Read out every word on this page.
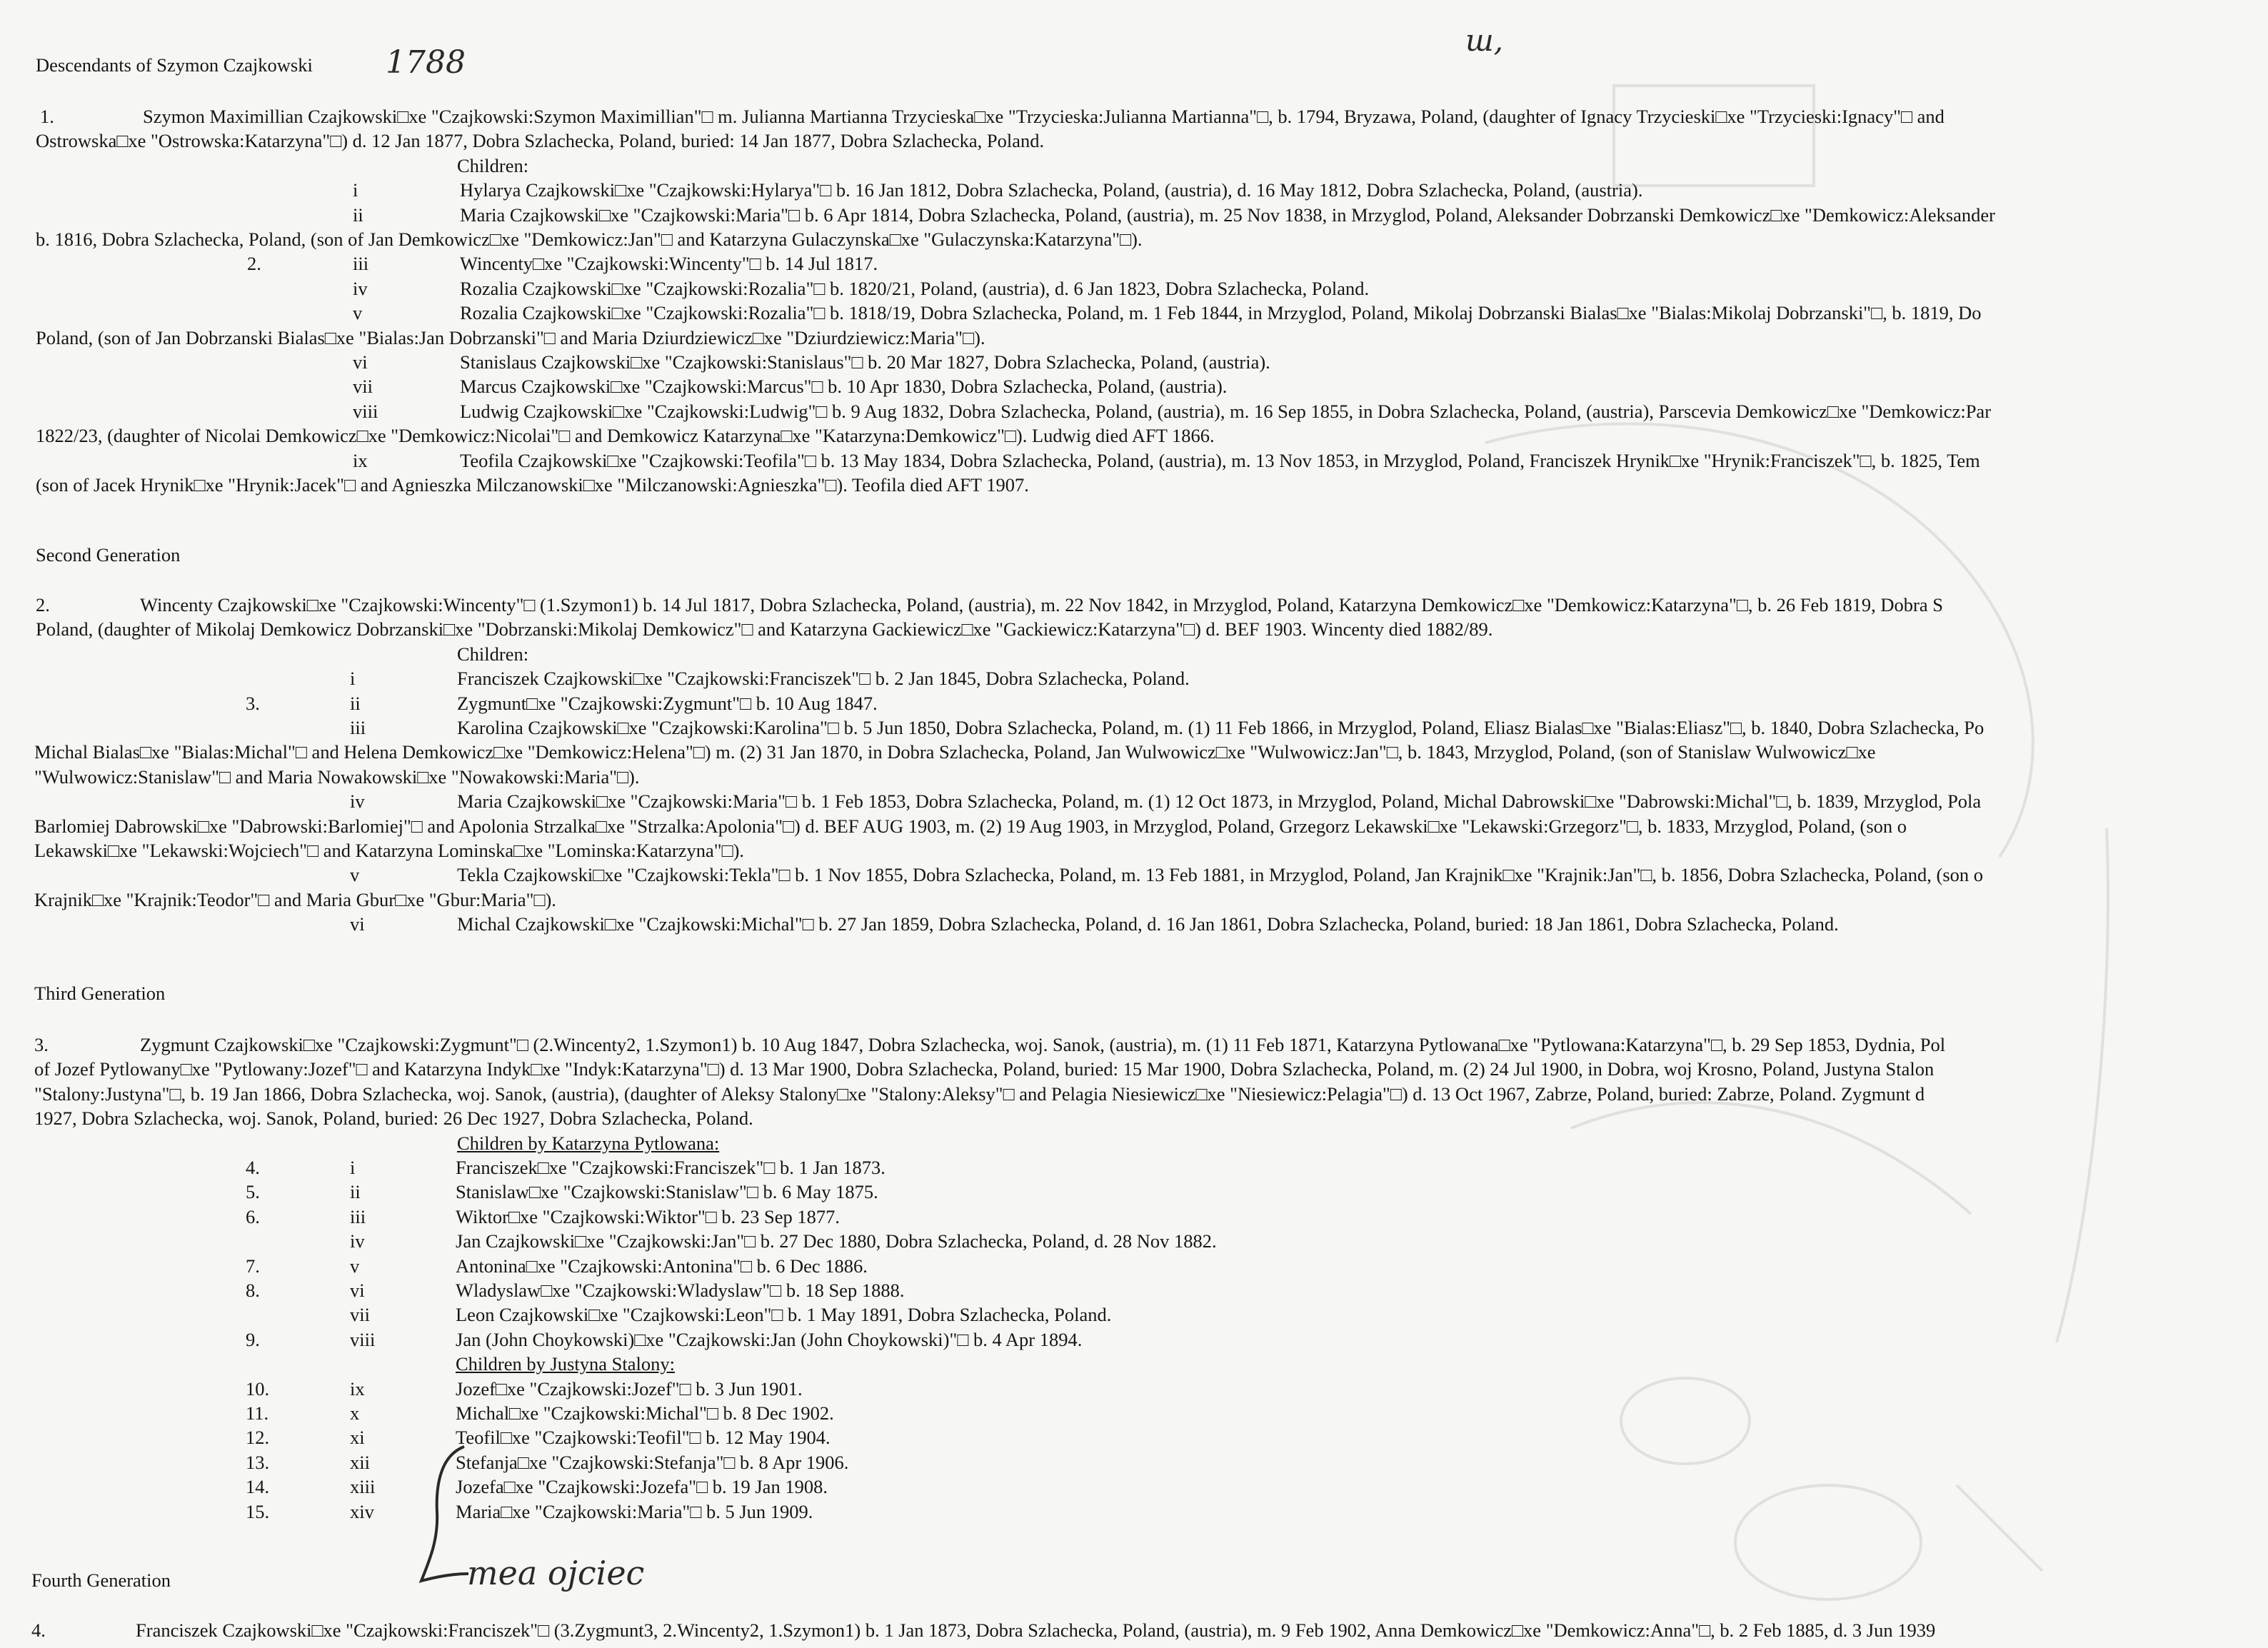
Descendants of Szymon Czajkowski 1788
ш,
1.	Szymon Maximillian Czajkowski□xe "Czajkowski:Szymon Maximillian"□ m. Julianna Martianna Trzycieska□xe "Trzycieska:Julianna Martianna"□, b. 1794, Bryzawa, Poland, (daughter of Ignacy Trzycieski□xe "Trzycieski:Ignacy"□ and
Ostrowska□xe "Ostrowska:Katarzyna"□) d. 12 Jan 1877, Dobra Szlachecka, Poland, buried: 14 Jan 1877, Dobra Szlachecka, Poland.
Children:
i	Hylarya Czajkowski□xe "Czajkowski:Hylarya"□ b. 16 Jan 1812, Dobra Szlachecka, Poland, (austria), d. 16 May 1812, Dobra Szlachecka, Poland, (austria).
ii	Maria Czajkowski□xe "Czajkowski:Maria"□ b. 6 Apr 1814, Dobra Szlachecka, Poland, (austria), m. 25 Nov 1838, in Mrzyglod, Poland, Aleksander Dobrzanski Demkowicz□xe "Demkowicz:Aleksander
b. 1816, Dobra Szlachecka, Poland, (son of Jan Demkowicz□xe "Demkowicz:Jan"□ and Katarzyna Gulaczynska□xe "Gulaczynska:Katarzyna"□).
2.	iii	Wincenty□xe "Czajkowski:Wincenty"□ b. 14 Jul 1817.
iv	Rozalia Czajkowski□xe "Czajkowski:Rozalia"□ b. 1820/21, Poland, (austria), d. 6 Jan 1823, Dobra Szlachecka, Poland.
v	Rozalia Czajkowski□xe "Czajkowski:Rozalia"□ b. 1818/19, Dobra Szlachecka, Poland, m. 1 Feb 1844, in Mrzyglod, Poland, Mikolaj Dobrzanski Bialas□xe "Bialas:Mikolaj Dobrzanski"□, b. 1819, Do
Poland, (son of Jan Dobrzanski Bialas□xe "Bialas:Jan Dobrzanski"□ and Maria Dziurdziewicz□xe "Dziurdziewicz:Maria"□).
vi	Stanislaus Czajkowski□xe "Czajkowski:Stanislaus"□ b. 20 Mar 1827, Dobra Szlachecka, Poland, (austria).
vii	Marcus Czajkowski□xe "Czajkowski:Marcus"□ b. 10 Apr 1830, Dobra Szlachecka, Poland, (austria).
viii	Ludwig Czajkowski□xe "Czajkowski:Ludwig"□ b. 9 Aug 1832, Dobra Szlachecka, Poland, (austria), m. 16 Sep 1855, in Dobra Szlachecka, Poland, (austria), Parscevia Demkowicz□xe "Demkowicz:Par
1822/23, (daughter of Nicolai Demkowicz□xe "Demkowicz:Nicolai"□ and Demkowicz Katarzyna□xe "Katarzyna:Demkowicz"□). Ludwig died AFT 1866.
ix	Teofila Czajkowski□xe "Czajkowski:Teofila"□ b. 13 May 1834, Dobra Szlachecka, Poland, (austria), m. 13 Nov 1853, in Mrzyglod, Poland, Franciszek Hrynik□xe "Hrynik:Franciszek"□, b. 1825, Tem
(son of Jacek Hrynik□xe "Hrynik:Jacek"□ and Agnieszka Milczanowski□xe "Milczanowski:Agnieszka"□). Teofila died AFT 1907.
Second Generation
2.	Wincenty Czajkowski□xe "Czajkowski:Wincenty"□ (1.Szymon1) b. 14 Jul 1817, Dobra Szlachecka, Poland, (austria), m. 22 Nov 1842, in Mrzyglod, Poland, Katarzyna Demkowicz□xe "Demkowicz:Katarzyna"□, b. 26 Feb 1819, Dobra S
Poland, (daughter of Mikolaj Demkowicz Dobrzanski□xe "Dobrzanski:Mikolaj Demkowicz"□ and Katarzyna Gackiewicz□xe "Gackiewicz:Katarzyna"□) d. BEF 1903. Wincenty died 1882/89.
Children:
i	Franciszek Czajkowski□xe "Czajkowski:Franciszek"□ b. 2 Jan 1845, Dobra Szlachecka, Poland.
3.	ii	Zygmunt□xe "Czajkowski:Zygmunt"□ b. 10 Aug 1847.
iii	Karolina Czajkowski□xe "Czajkowski:Karolina"□ b. 5 Jun 1850, Dobra Szlachecka, Poland, m. (1) 11 Feb 1866, in Mrzyglod, Poland, Eliasz Bialas□xe "Bialas:Eliasz"□, b. 1840, Dobra Szlachecka, Po
Michal Bialas□xe "Bialas:Michal"□ and Helena Demkowicz□xe "Demkowicz:Helena"□) m. (2) 31 Jan 1870, in Dobra Szlachecka, Poland, Jan Wulwowicz□xe "Wulwowicz:Jan"□, b. 1843, Mrzyglod, Poland, (son of Stanislaw Wulwowicz□xe
"Wulwowicz:Stanislaw"□ and Maria Nowakowski□xe "Nowakowski:Maria"□).
iv	Maria Czajkowski□xe "Czajkowski:Maria"□ b. 1 Feb 1853, Dobra Szlachecka, Poland, m. (1) 12 Oct 1873, in Mrzyglod, Poland, Michal Dabrowski□xe "Dabrowski:Michal"□, b. 1839, Mrzyglod, Pola
Barlomiej Dabrowski□xe "Dabrowski:Barlomiej"□ and Apolonia Strzalka□xe "Strzalka:Apolonia"□) d. BEF AUG 1903, m. (2) 19 Aug 1903, in Mrzyglod, Poland, Grzegorz Lekawski□xe "Lekawski:Grzegorz"□, b. 1833, Mrzyglod, Poland, (son o
Lekawski□xe "Lekawski:Wojciech"□ and Katarzyna Lominska□xe "Lominska:Katarzyna"□).
v	Tekla Czajkowski□xe "Czajkowski:Tekla"□ b. 1 Nov 1855, Dobra Szlachecka, Poland, m. 13 Feb 1881, in Mrzyglod, Poland, Jan Krajnik□xe "Krajnik:Jan"□, b. 1856, Dobra Szlachecka, Poland, (son o
Krajnik□xe "Krajnik:Teodor"□ and Maria Gbur□xe "Gbur:Maria"□).
vi	Michal Czajkowski□xe "Czajkowski:Michal"□ b. 27 Jan 1859, Dobra Szlachecka, Poland, d. 16 Jan 1861, Dobra Szlachecka, Poland, buried: 18 Jan 1861, Dobra Szlachecka, Poland.
Third Generation
3.	Zygmunt Czajkowski□xe "Czajkowski:Zygmunt"□ (2.Wincenty2, 1.Szymon1) b. 10 Aug 1847, Dobra Szlachecka, woj. Sanok, (austria), m. (1) 11 Feb 1871, Katarzyna Pytlowana□xe "Pytlowana:Katarzyna"□, b. 29 Sep 1853, Dydnia, Pol
of Jozef Pytlowany□xe "Pytlowany:Jozef"□ and Katarzyna Indyk□xe "Indyk:Katarzyna"□) d. 13 Mar 1900, Dobra Szlachecka, Poland, buried: 15 Mar 1900, Dobra Szlachecka, Poland, m. (2) 24 Jul 1900, in Dobra, woj Krosno, Poland, Justyna Stalon
"Stalony:Justyna"□, b. 19 Jan 1866, Dobra Szlachecka, woj. Sanok, (austria), (daughter of Aleksy Stalony□xe "Stalony:Aleksy"□ and Pelagia Niesiewicz□xe "Niesiewicz:Pelagia"□) d. 13 Oct 1967, Zabrze, Poland, buried: Zabrze, Poland. Zygmunt d
1927, Dobra Szlachecka, woj. Sanok, Poland, buried: 26 Dec 1927, Dobra Szlachecka, Poland.
Children by Katarzyna Pytlowana:
4.	i	Franciszek□xe "Czajkowski:Franciszek"□ b. 1 Jan 1873.
5.	ii	Stanislaw□xe "Czajkowski:Stanislaw"□ b. 6 May 1875.
6.	iii	Wiktor□xe "Czajkowski:Wiktor"□ b. 23 Sep 1877.
iv	Jan Czajkowski□xe "Czajkowski:Jan"□ b. 27 Dec 1880, Dobra Szlachecka, Poland, d. 28 Nov 1882.
7.	v	Antonina□xe "Czajkowski:Antonina"□ b. 6 Dec 1886.
8.	vi	Wladyslaw□xe "Czajkowski:Wladyslaw"□ b. 18 Sep 1888.
vii	Leon Czajkowski□xe "Czajkowski:Leon"□ b. 1 May 1891, Dobra Szlachecka, Poland.
9.	viii	Jan (John Choykowski)□xe "Czajkowski:Jan (John Choykowski)"□ b. 4 Apr 1894.
Children by Justyna Stalony:
10.	ix	Jozef□xe "Czajkowski:Jozef"□ b. 3 Jun 1901.
11.	x	Michal□xe "Czajkowski:Michal"□ b. 8 Dec 1902.
12.	xi	Teofil□xe "Czajkowski:Teofil"□ b. 12 May 1904.
13.	xii	Stefanja□xe "Czajkowski:Stefanja"□ b. 8 Apr 1906.
14.	xiii	Jozefa□xe "Czajkowski:Jozefa"□ b. 19 Jan 1908.
15.	xiv	Maria□xe "Czajkowski:Maria"□ b. 5 Jun 1909.
mea ojciec
Fourth Generation
4.	Franciszek Czajkowski□xe "Czajkowski:Franciszek"□ (3.Zygmunt3, 2.Wincenty2, 1.Szymon1) b. 1 Jan 1873, Dobra Szlachecka, Poland, (austria), m. 9 Feb 1902, Anna Demkowicz□xe "Demkowicz:Anna"□, b. 2 Feb 1885, d. 3 Jun 1939
